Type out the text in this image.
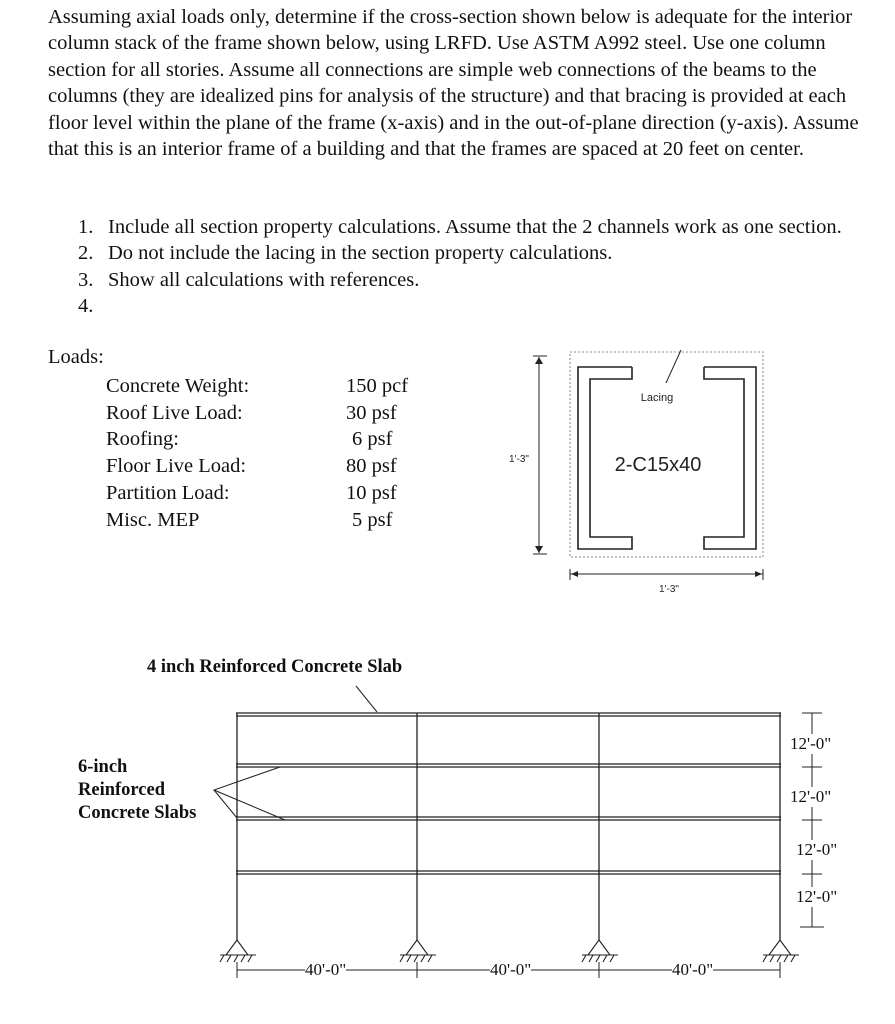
Assuming axial loads only, determine if the cross-section shown below is adequate for the interior column stack of the frame shown below, using LRFD. Use ASTM A992 steel. Use one column section for all stories. Assume all connections are simple web connections of the beams to the columns (they are idealized pins for analysis of the structure) and that bracing is provided at each floor level within the plane of the frame (x-axis) and in the out-of-plane direction (y-axis). Assume that this is an interior frame of a building and that the frames are spaced at 20 feet on center.
1. Include all section property calculations. Assume that the 2 channels work as one section.
2. Do not include the lacing in the section property calculations.
3. Show all calculations with references.
4.
Loads:
Concrete Weight:	150 pcf
Roof Live Load:	30 psf
Roofing:	6 psf
Floor Live Load:	80 psf
Partition Load:	10 psf
Misc. MEP	5 psf
Lacing
2-C15x40
1'-3"
1'-3"
4 inch Reinforced Concrete Slab
6-inch Reinforced Concrete Slabs
12'-0"
12'-0"
12'-0"
12'-0"
40'-0"	40'-0"	40'-0"
